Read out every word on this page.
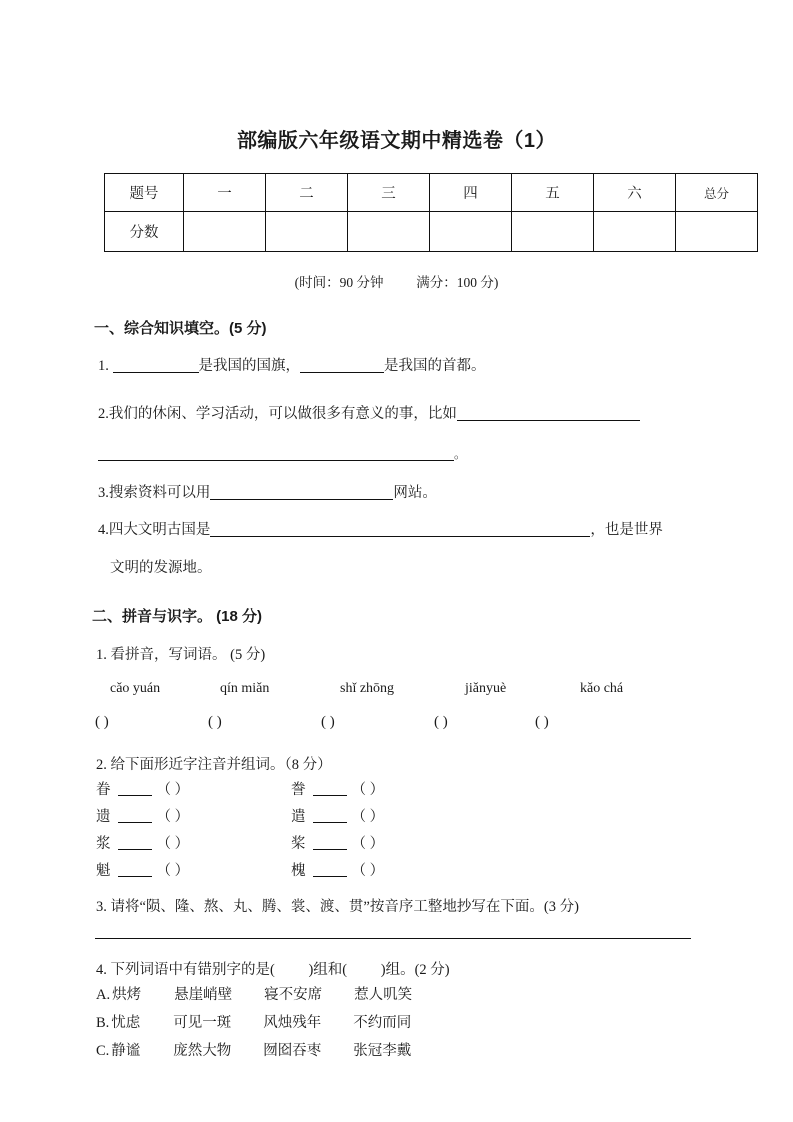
部编版六年级语文期中精选卷（1）
题号	一	二	三	四	五	六	总分
分数							
(时间：90 分钟 满分：100 分)
一、综合知识填空。(5 分)
1.	是我国的国旗，	是我国的首都。
2.我们的休闲、学习活动，可以做很多有意义的事，比如
。
3.搜索资料可以用	网站。
4.四大文明古国是	，也是世界
文明的发源地。
二、拼音与识字。 (18 分)
1. 看拼音，写词语。 (5 分)
cǎo yuán	qín miǎn	shǐ zhōng	jiǎnyuè	kǎo chá
( )	( )	( )	( )	( )
2. 给下面形近字注音并组词。（8 分）
眷	（ ）	誊	（ ）
遗	（ ）	遣	（ ）
浆	（ ）	桨	（ ）
魁	（ ）	槐	（ ）
3. 请将“陨、隆、熬、丸、腾、裳、渡、贯”按音序工整地抄写在下面。(3 分)
4. 下列词语中有错别字的是( )组和( )组。(2 分)
A. 烘烤 悬崖峭壁 寝不安席 惹人叽笑
B. 忧虑 可见一斑 风烛残年 不约而同
C. 静谧 庞然大物 囫囵吞枣 张冠李戴
